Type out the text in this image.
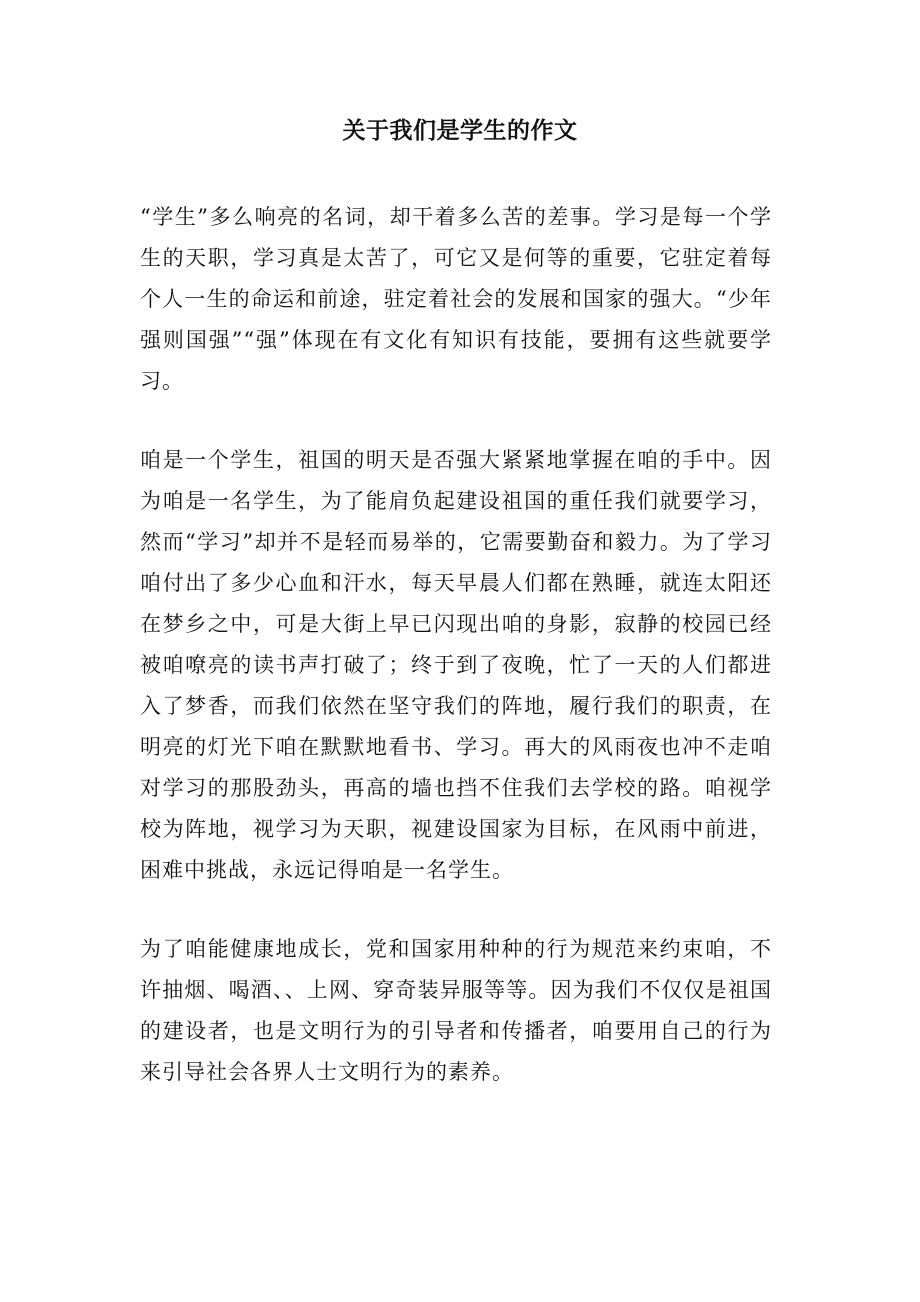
关于我们是学生的作文

“学生”多么响亮的名词，却干着多么苦的差事。学习是每一个学生的天职，学习真是太苦了，可它又是何等的重要，它驻定着每个人一生的命运和前途，驻定着社会的发展和国家的强大。“少年强则国强”“强”体现在有文化有知识有技能，要拥有这些就要学习。

咱是一个学生，祖国的明天是否强大紧紧地掌握在咱的手中。因为咱是一名学生，为了能肩负起建设祖国的重任我们就要学习，然而“学习”却并不是轻而易举的，它需要勤奋和毅力。为了学习咱付出了多少心血和汗水，每天早晨人们都在熟睡，就连太阳还在梦乡之中，可是大街上早已闪现出咱的身影，寂静的校园已经被咱嘹亮的读书声打破了；终于到了夜晚，忙了一天的人们都进入了梦香，而我们依然在坚守我们的阵地，履行我们的职责，在明亮的灯光下咱在默默地看书、学习。再大的风雨夜也冲不走咱对学习的那股劲头，再高的墙也挡不住我们去学校的路。咱视学校为阵地，视学习为天职，视建设国家为目标，在风雨中前进，困难中挑战，永远记得咱是一名学生。

为了咱能健康地成长，党和国家用种种的行为规范来约束咱，不许抽烟、喝酒、、上网、穿奇装异服等等。因为我们不仅仅是祖国的建设者，也是文明行为的引导者和传播者，咱要用自己的行为来引导社会各界人士文明行为的素养。
